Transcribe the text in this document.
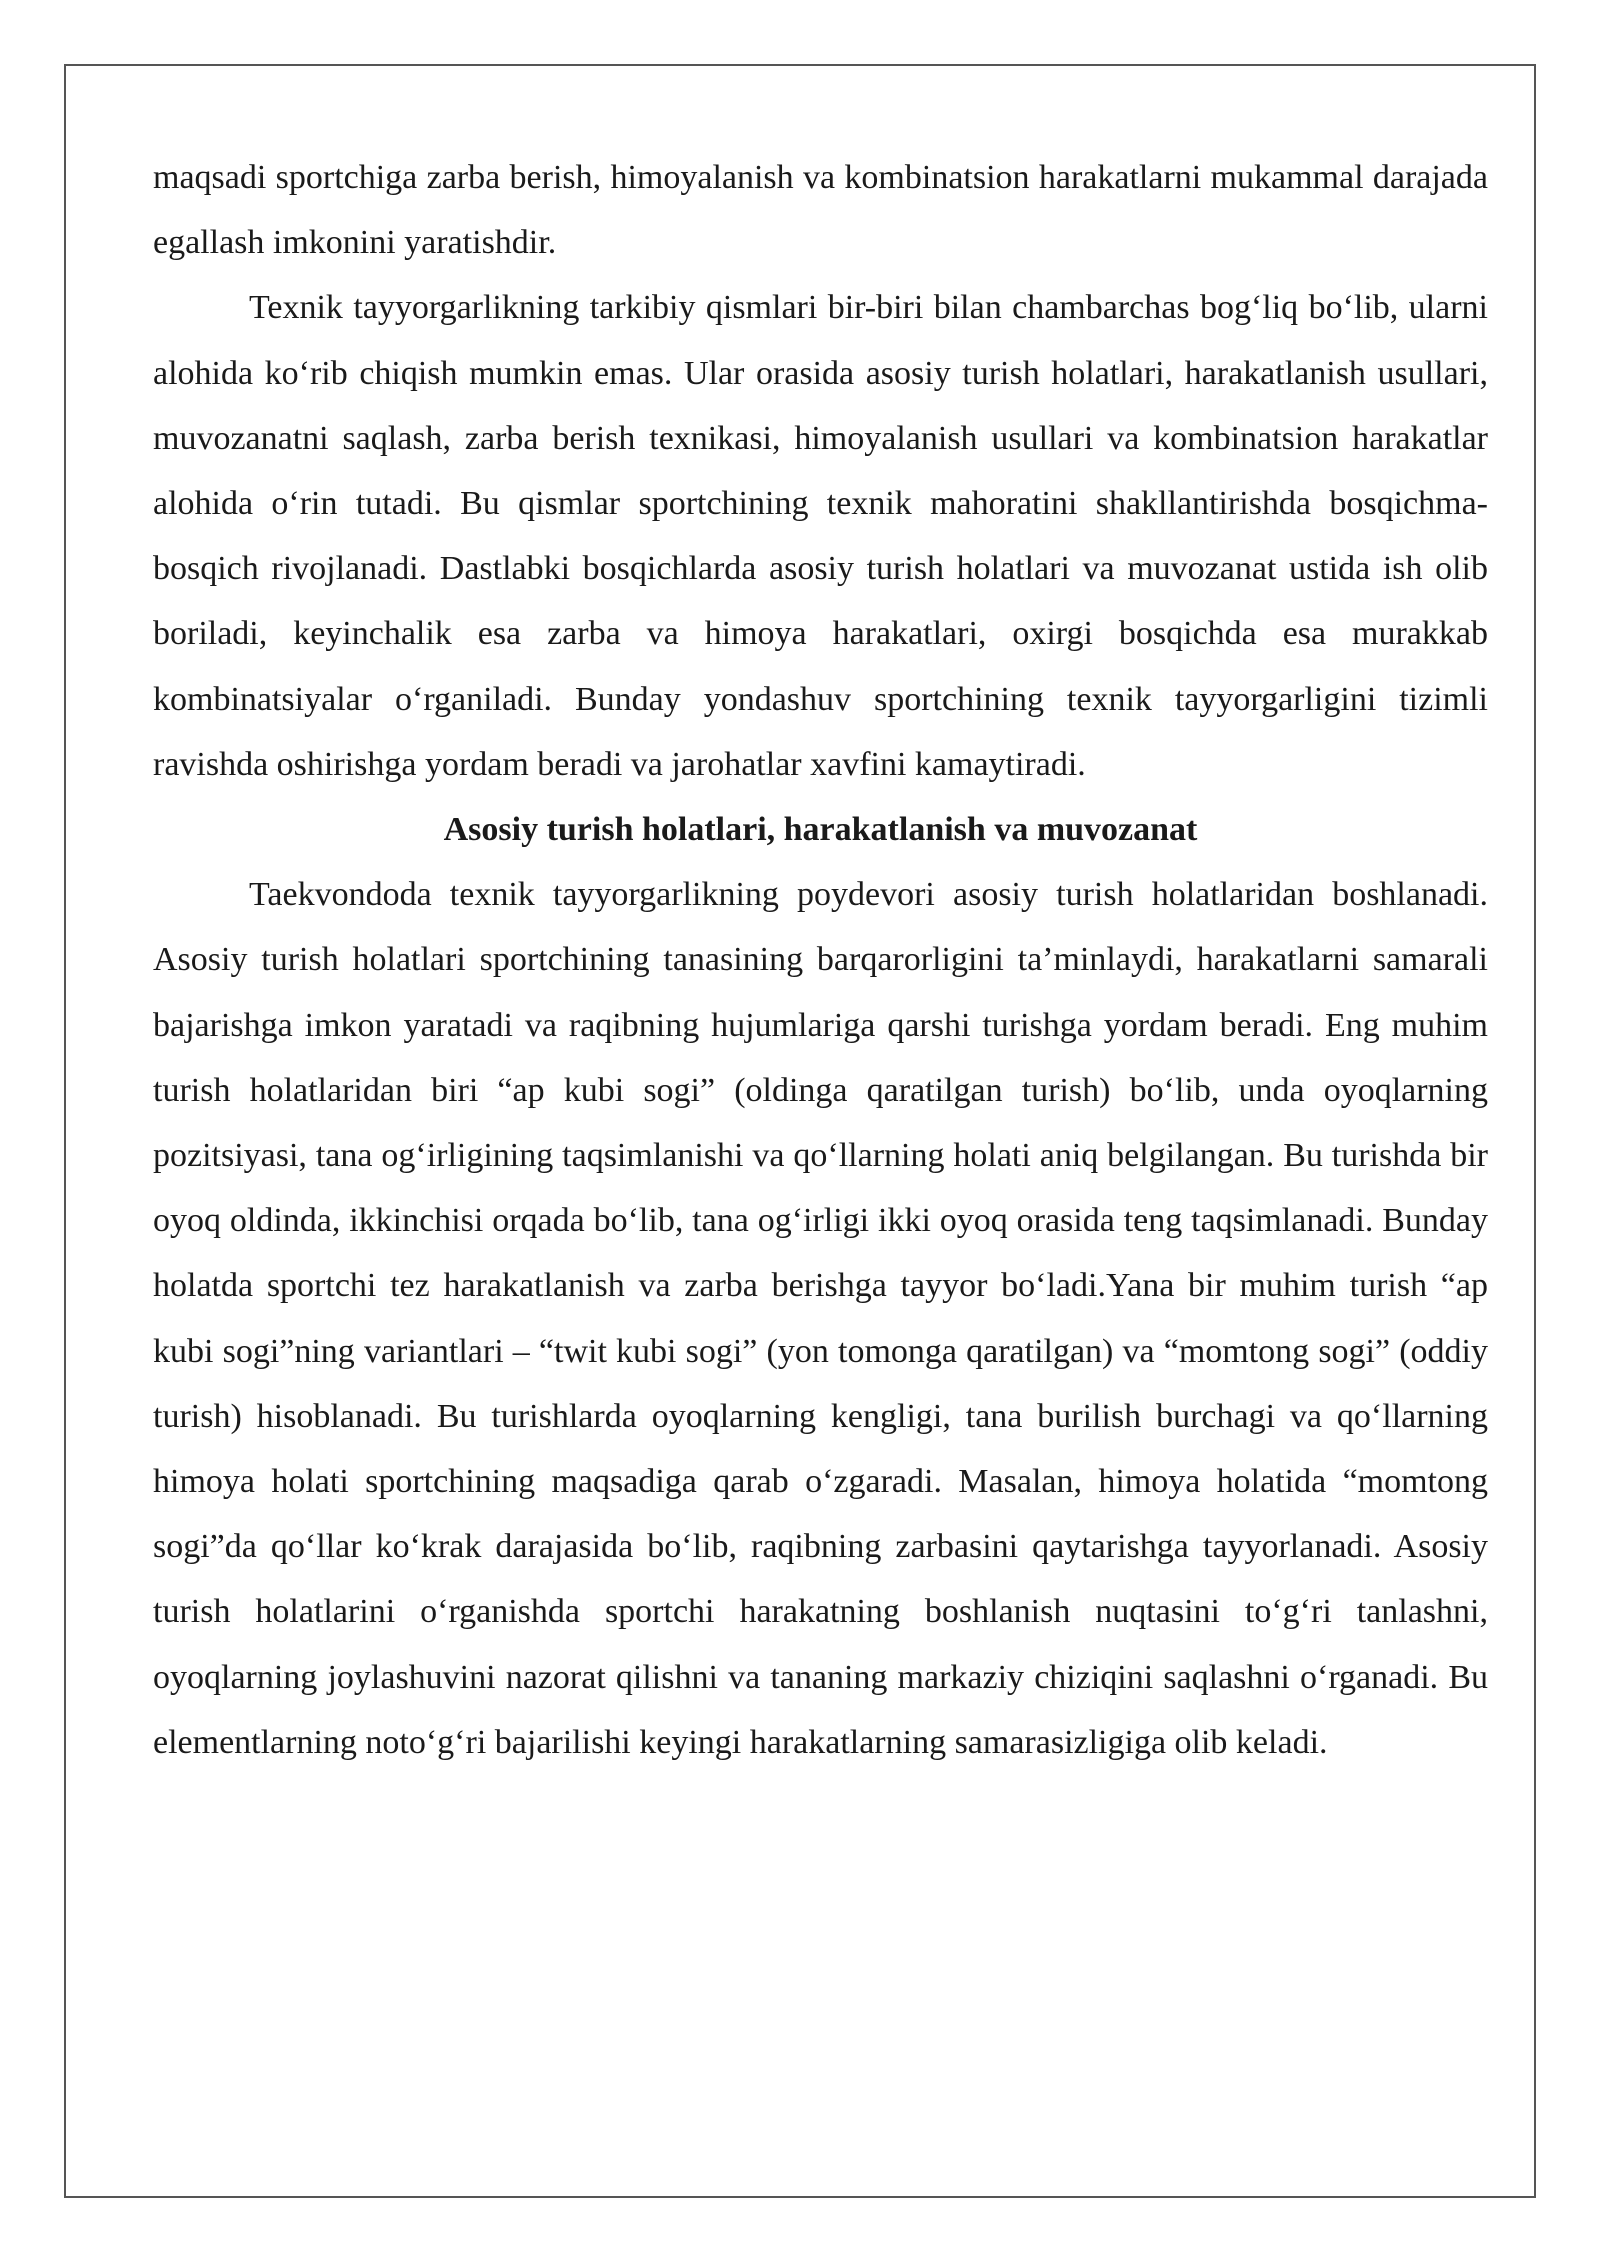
maqsadi sportchiga zarba berish, himoyalanish va kombinatsion harakatlarni mukammal darajada egallash imkonini yaratishdir.

Texnik tayyorgarlikning tarkibiy qismlari bir-biri bilan chambarchas bog‘liq bo‘lib, ularni alohida ko‘rib chiqish mumkin emas. Ular orasida asosiy turish holatlari, harakatlanish usullari, muvozanatni saqlash, zarba berish texnikasi, himoyalanish usullari va kombinatsion harakatlar alohida o‘rin tutadi. Bu qismlar sportchining texnik mahoratini shakllantirishda bosqichma-bosqich rivojlanadi. Dastlabki bosqichlarda asosiy turish holatlari va muvozanat ustida ish olib boriladi, keyinchalik esa zarba va himoya harakatlari, oxirgi bosqichda esa murakkab kombinatsiyalar o‘rganiladi. Bunday yondashuv sportchining texnik tayyorgarligini tizimli ravishda oshirishga yordam beradi va jarohatlar xavfini kamaytiradi.

Asosiy turish holatlari, harakatlanish va muvozanat

Taekvondoda texnik tayyorgarlikning poydevori asosiy turish holatlaridan boshlanadi. Asosiy turish holatlari sportchining tanasining barqarorligini ta’minlaydi, harakatlarni samarali bajarishga imkon yaratadi va raqibning hujumlariga qarshi turishga yordam beradi. Eng muhim turish holatlaridan biri “ap kubi sogi” (oldinga qaratilgan turish) bo‘lib, unda oyoqlarning pozitsiyasi, tana og‘irligining taqsimlanishi va qo‘llarning holati aniq belgilangan. Bu turishda bir oyoq oldinda, ikkinchisi orqada bo‘lib, tana og‘irligi ikki oyoq orasida teng taqsimlanadi. Bunday holatda sportchi tez harakatlanish va zarba berishga tayyor bo‘ladi.Yana bir muhim turish “ap kubi sogi”ning variantlari – “twit kubi sogi” (yon tomonga qaratilgan) va “momtong sogi” (oddiy turish) hisoblanadi. Bu turishlarda oyoqlarning kengligi, tana burilish burchagi va qo‘llarning himoya holati sportchining maqsadiga qarab o‘zgaradi. Masalan, himoya holatida “momtong sogi”da qo‘llar ko‘krak darajasida bo‘lib, raqibning zarbasini qaytarishga tayyorlanadi. Asosiy turish holatlarini o‘rganishda sportchi harakatning boshlanish nuqtasini to‘g‘ri tanlashni, oyoqlarning joylashuvini nazorat qilishni va tananing markaziy chiziqini saqlashni o‘rganadi. Bu elementlarning noto‘g‘ri bajarilishi keyingi harakatlarning samarasizligiga olib keladi.
